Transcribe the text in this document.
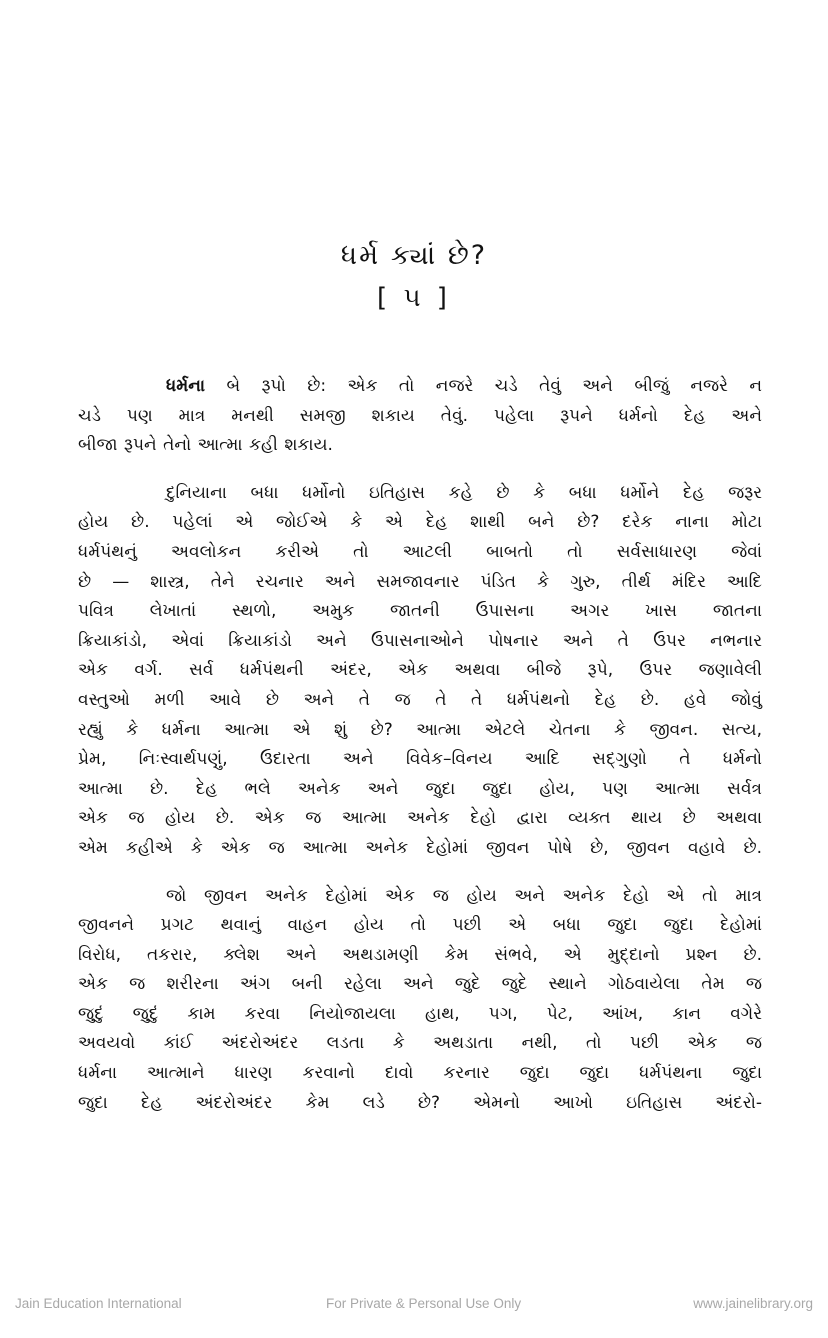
ધર્મ ક્યાં છે?
[ ૫ ]
ધર્મના બે રૂપો છે: એક તો નજરે ચડે તેવું અને બીજું નજરે ન
ચડે પણ માત્ર મનથી સમજી શકાય તેવું. પહેલા રૂપને ધર્મનો દેહ અને
બીજા રૂપને તેનો આત્મા કહી શકાય.
દુનિયાના બધા ધર્મોનો ઇતિહાસ કહે છે કે બધા ધર્મોને દેહ જરૂર
હોય છે. પહેલાં એ જોઈએ કે એ દેહ શાથી બને છે? દરેક નાના મોટા
ધર્મપંથનું અવલોકન કરીએ તો આટલી બાબતો તો સર્વસાધારણ જેવાં
છે — શાસ્ત્ર, તેને રચનાર અને સમજાવનાર પંડિત કે ગુરુ, તીર્થ મંદિર આદિ
પવિત્ર લેખાતાં સ્થળો, અમુક જાતની ઉપાસના અગર ખાસ જાતના
ક્રિયાકાંડો, એવાં ક્રિયાકાંડો અને ઉપાસનાઓને પોષનાર અને તે ઉપર નભનાર
એક વર્ગ. સર્વ ધર્મપંથની અંદર, એક અથવા બીજે રૂપે, ઉપર જણાવેલી
વસ્તુઓ મળી આવે છે અને તે જ તે તે ધર્મપંથનો દેહ છે. હવે જોવું
રહ્યું કે ધર્મના આત્મા એ શું છે? આત્મા એટલે ચેતના કે જીવન. સત્ય,
પ્રેમ, નિઃસ્વાર્થપણું, ઉદારતા અને વિવેક–વિનય આદિ સદ્ગુણો તે ધર્મનો
આત્મા છે. દેહ ભલે અનેક અને જુદા જુદા હોય, પણ આત્મા સર્વત્ર
એક જ હોય છે. એક જ આત્મા અનેક દેહો દ્વારા વ્યક્ત થાય છે અથવા
એમ કહીએ કે એક જ આત્મા અનેક દેહોમાં જીવન પોષે છે, જીવન વહાવે છે.
જો જીવન અનેક દેહોમાં એક જ હોય અને અનેક દેહો એ તો માત્ર
જીવનને પ્રગટ થવાનું વાહન હોય તો પછી એ બધા જુદા જુદા દેહોમાં
વિરોધ, તકરાર, ક્લેશ અને અથડામણી કેમ સંભવે, એ મુદ્દાનો પ્રશ્ન છે.
એક જ શરીરના અંગ બની રહેલા અને જુદે જુદે સ્થાને ગોઠવાયેલા તેમ જ
જુદું જુદું કામ કરવા નિયોજાયલા હાથ, પગ, પેટ, આંખ, કાન વગેરે
અવયવો કાંઈ અંદરોઅંદર લડતા કે અથડાતા નથી, તો પછી એક જ
ધર્મના આત્માને ધારણ કરવાનો દાવો કરનાર જુદા જુદા ધર્મપંથના જુદા
જુદા દેહ અંદરોઅંદર કેમ લડે છે? એમનો આખો ઇતિહાસ અંદરો-
Jain Education International	For Private & Personal Use Only	www.jainelibrary.org
